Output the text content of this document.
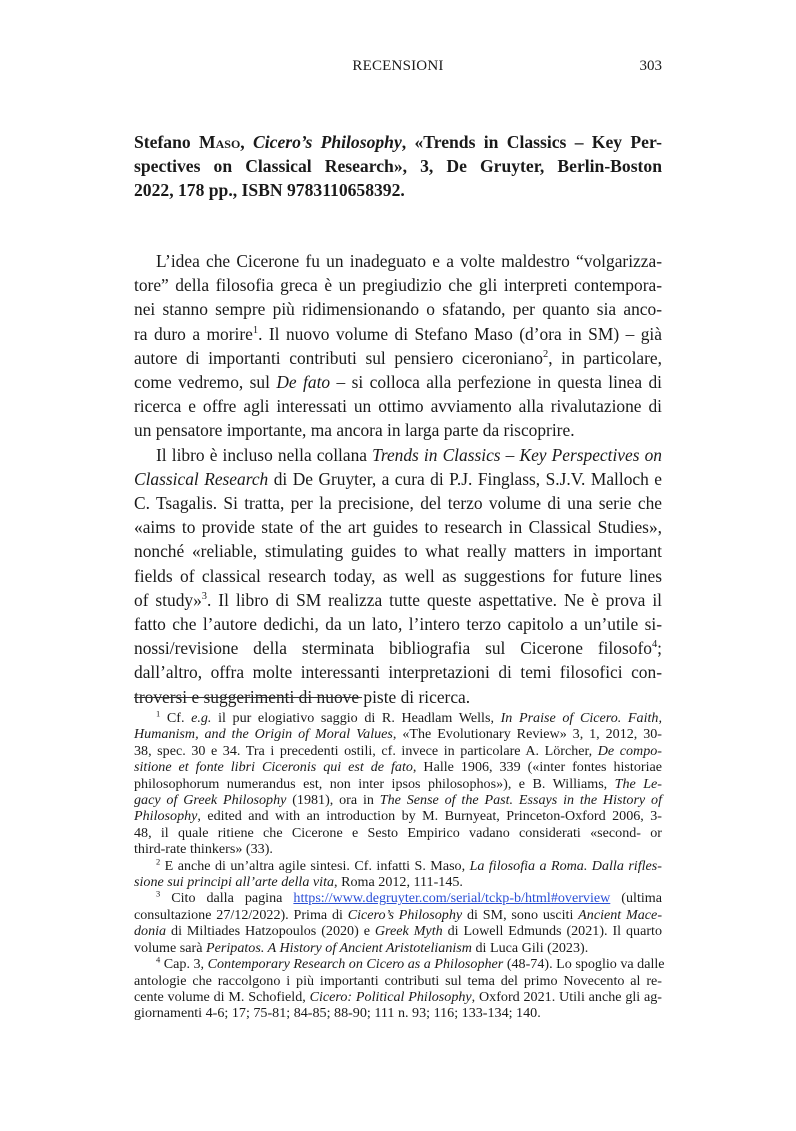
RECENSIONI	303
Stefano Maso, Cicero’s Philosophy, «Trends in Classics – Key Per-
spectives on Classical Research», 3, De Gruyter, Berlin-Boston
2022, 178 pp., ISBN 9783110658392.

L’idea che Cicerone fu un inadeguato e a volte maldestro “volgarizza-
tore” della filosofia greca è un pregiudizio che gli interpreti contempora-
nei stanno sempre più ridimensionando o sfatando, per quanto sia anco-
ra duro a morire$^1$. Il nuovo volume di Stefano Maso (d’ora in SM) – già
autore di importanti contributi sul pensiero ciceroniano$^2$, in particolare,
come vedremo, sul De fato – si colloca alla perfezione in questa linea di
ricerca e offre agli interessati un ottimo avviamento alla rivalutazione di
un pensatore importante, ma ancora in larga parte da riscoprire.

Il libro è incluso nella collana Trends in Classics – Key Perspectives on
Classical Research di De Gruyter, a cura di P.J. Finglass, S.J.V. Malloch e
C. Tsagalis. Si tratta, per la precisione, del terzo volume di una serie che
«aims to provide state of the art guides to research in Classical Studies»,
nonché «reliable, stimulating guides to what really matters in important
fields of classical research today, as well as suggestions for future lines
of study»$^3$. Il libro di SM realizza tutte queste aspettative. Ne è prova il
fatto che l’autore dedichi, da un lato, l’intero terzo capitolo a un’utile si-
nossi/revisione della sterminata bibliografia sul Cicerone filosofo$^4$;
dall’altro, offra molte interessanti interpretazioni di temi filosofici con-
troversi e suggerimenti di nuove piste di ricerca.

$^1$ Cf. e.g. il pur elogiativo saggio di R. Headlam Wells, In Praise of Cicero. Faith,
Humanism, and the Origin of Moral Values, «The Evolutionary Review» 3, 1, 2012, 30-
38, spec. 30 e 34. Tra i precedenti ostili, cf. invece in particolare A. Lörcher, De compo-
sitione et fonte libri Ciceronis qui est de fato, Halle 1906, 339 («inter fontes historiae
philosophorum numerandus est, non inter ipsos philosophos»), e B. Williams, The Le-
gacy of Greek Philosophy (1981), ora in The Sense of the Past. Essays in the History of
Philosophy, edited and with an introduction by M. Burnyeat, Princeton-Oxford 2006, 3-
48, il quale ritiene che Cicerone e Sesto Empirico vadano considerati «second- or
third-rate thinkers» (33).

$^2$ E anche di un’altra agile sintesi. Cf. infatti S. Maso, La filosofia a Roma. Dalla rifles-
sione sui principi all’arte della vita, Roma 2012, 111-145.

$^3$ Cito dalla pagina https://www.degruyter.com/serial/tckp-b/html#overview (ultima
consultazione 27/12/2022). Prima di Cicero’s Philosophy di SM, sono usciti Ancient Mace-
donia di Miltiades Hatzopoulos (2020) e Greek Myth di Lowell Edmunds (2021). Il quarto
volume sarà Peripatos. A History of Ancient Aristotelianism di Luca Gili (2023).

$^4$ Cap. 3, Contemporary Research on Cicero as a Philosopher (48-74). Lo spoglio va dalle
antologie che raccolgono i più importanti contributi sul tema del primo Novecento al re-
cente volume di M. Schofield, Cicero: Political Philosophy, Oxford 2021. Utili anche gli ag-
giornamenti 4-6; 17; 75-81; 84-85; 88-90; 111 n. 93; 116; 133-134; 140.
